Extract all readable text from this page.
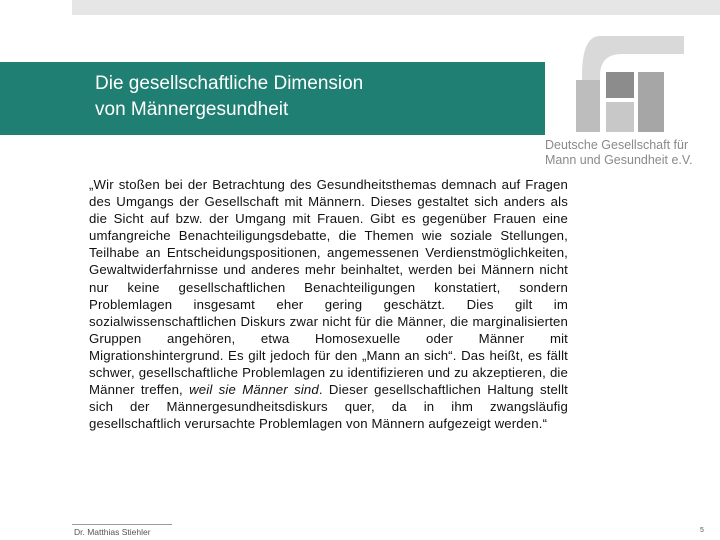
Die gesellschaftliche Dimension
von Männergesundheit
Deutsche Gesellschaft für
Mann und Gesundheit e.V.
„Wir stoßen bei der Betrachtung des Gesundheitsthemas demnach auf Fragen des Umgangs der Gesellschaft mit Männern. Dieses gestaltet sich anders als die Sicht auf bzw. der Umgang mit Frauen. Gibt es gegenüber Frauen eine umfangreiche Benachteiligungsdebatte, die Themen wie soziale Stellungen, Teilhabe an Entscheidungspositionen, angemessenen Verdienstmöglichkeiten, Gewaltwiderfahrnisse und anderes mehr beinhaltet, werden bei Männern nicht nur keine gesellschaftlichen Benachteiligungen konstatiert, sondern Problemlagen insgesamt eher gering geschätzt. Dies gilt im sozialwissenschaftlichen Diskurs zwar nicht für die Männer, die marginalisierten Gruppen angehören, etwa Homosexuelle oder Männer mit Migrationshintergrund. Es gilt jedoch für den „Mann an sich“. Das heißt, es fällt schwer, gesellschaftliche Problemlagen zu identifizieren und zu akzeptieren, die Männer treffen, weil sie Männer sind. Dieser gesellschaftlichen Haltung stellt sich der Männergesundheitsdiskurs quer, da in ihm zwangsläufig gesellschaftlich verursachte Problemlagen von Männern aufgezeigt werden.“
Dr. Matthias Stiehler	5
